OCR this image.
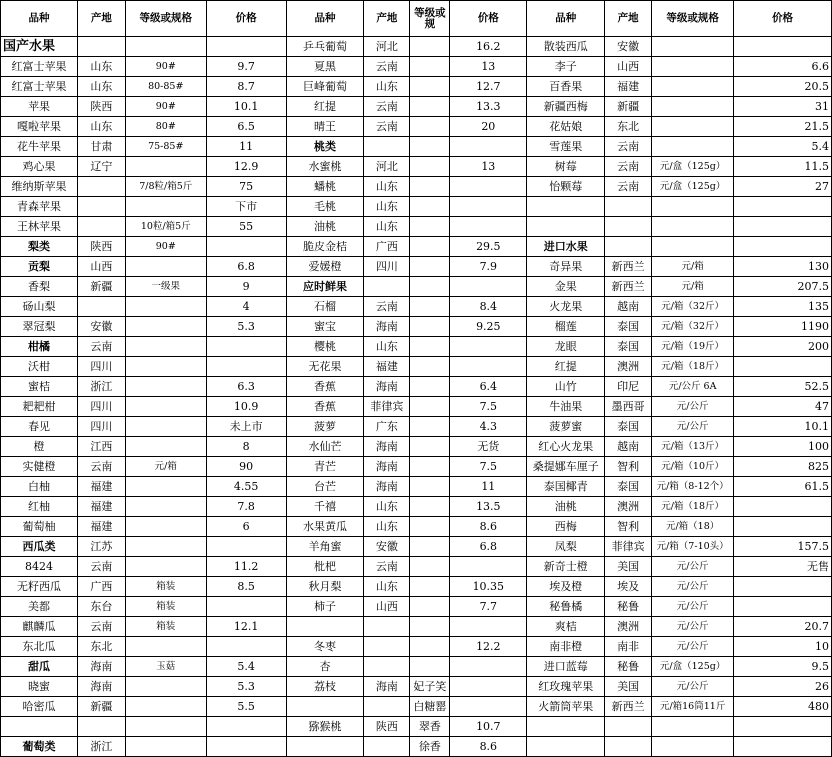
品种	产地	等级或规格	价格	品种	产地	等级或规	价格	品种	产地	等级或规格	价格
国产水果				乒乓葡萄	河北		16.2	散装西瓜	安徽		
红富士苹果	山东	90#	9.7	夏黑	云南		13	李子	山西		6.6
红富士苹果	山东	80-85#	8.7	巨峰葡萄	山东		12.7	百香果	福建		20.5
苹果	陕西	90#	10.1	红提	云南		13.3	新疆西梅	新疆		31
嘎啦苹果	山东	80#	6.5	晴王	云南		20	花姑娘	东北		21.5
花牛苹果	甘肃	75-85#	11	桃类				雪莲果	云南		5.4
鸡心果	辽宁		12.9	水蜜桃	河北		13	树莓	云南	元/盒（125g）	11.5
维纳斯苹果		7/8粒/箱5斤	75	蟠桃	山东			怡颗莓	云南	元/盒（125g）	27
青森苹果			下市	毛桃	山东						
王林苹果		10粒/箱5斤	55	油桃	山东						
梨类	陕西	90#		脆皮金桔	广西		29.5	进口水果			
贡梨	山西		6.8	爱媛橙	四川		7.9	奇异果	新西兰	元/箱	130
香梨	新疆	一级果	9	应时鲜果				金果	新西兰	元/箱	207.5
砀山梨			4	石榴	云南		8.4	火龙果	越南	元/箱（32斤）	135
翠冠梨	安徽		5.3	蜜宝	海南		9.25	榴莲	泰国	元/箱（32斤）	1190
柑橘	云南			樱桃	山东			龙眼	泰国	元/箱（19斤）	200
沃柑	四川			无花果	福建			红提	澳洲	元/箱（18斤）	
蜜桔	浙江		6.3	香蕉	海南		6.4	山竹	印尼	元/公斤 6A	52.5
耙耙柑	四川		10.9	香蕉	菲律宾		7.5	牛油果	墨西哥	元/公斤	47
春见	四川		未上市	菠萝	广东		4.3	菠萝蜜	泰国	元/公斤	10.1
橙	江西		8	水仙芒	海南		无货	红心火龙果	越南	元/箱（13斤）	100
实健橙	云南	元/箱	90	青芒	海南		7.5	桑提娜车厘子	智利	元/箱（10斤）	825
白柚	福建		4.55	台芒	海南		11	泰国椰青	泰国	元/箱（8-12个）	61.5
红柚	福建		7.8	千禧	山东		13.5	油桃	澳洲	元/箱（18斤）	
葡萄柚	福建		6	水果黄瓜	山东		8.6	西梅	智利	元/箱（18）	
西瓜类	江苏			羊角蜜	安徽		6.8	凤梨	菲律宾	元/箱（7-10头）	157.5
8424	云南		11.2	枇杷	云南			新奇士橙	美国	元/公斤	无售
无籽西瓜	广西	箱装	8.5	秋月梨	山东		10.35	埃及橙	埃及	元/公斤	
美都	东台	箱装		柿子	山西		7.7	秘鲁橘	秘鲁	元/公斤	
麒麟瓜	云南	箱装	12.1					爽桔	澳洲	元/公斤	20.7
东北瓜	东北			冬枣			12.2	南非橙	南非	元/公斤	10
甜瓜	海南	玉菇	5.4	杏				进口蓝莓	秘鲁	元/盒（125g）	9.5
晓蜜	海南		5.3	荔枝	海南	妃子笑		红玫瑰苹果	美国	元/公斤	26
哈密瓜	新疆		5.5			白糖罂		火箭筒苹果	新西兰	元/箱16筒11斤	480
				猕猴桃	陕西	翠香	10.7				
葡萄类	浙江					徐香	8.6				
